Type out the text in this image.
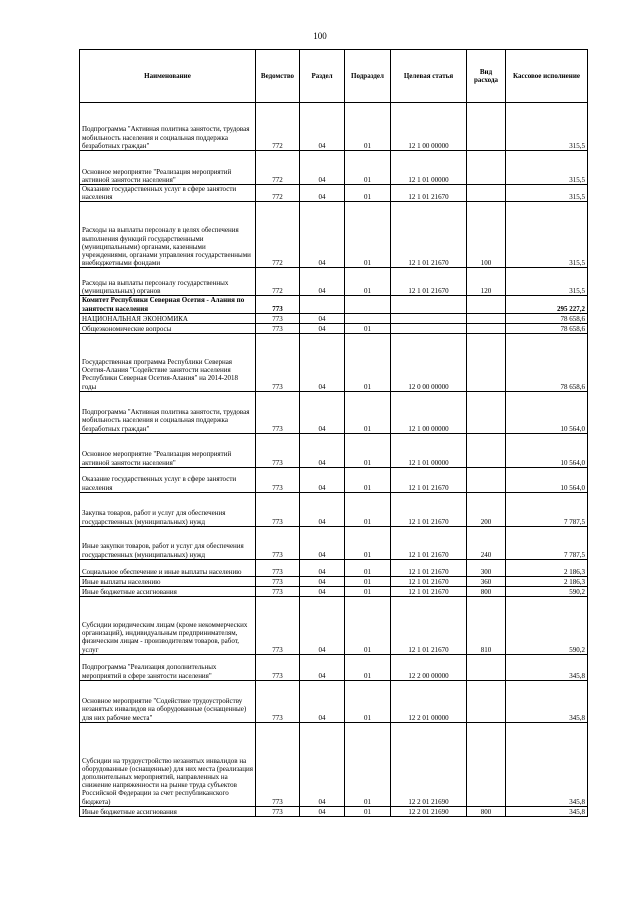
100
Наименование	Ведомство	Раздел	Подраздел	Целевая статья	Вид расхода	Кассовое исполнение
Подпрограмма "Активная политика занятости, трудовая мобильность населения и социальная поддержка безработных граждан"	772	04	01	12 1 00 00000		315,5
Основное мероприятие "Реализация мероприятий активной занятости населения"	772	04	01	12 1 01 00000		315,5
Оказание государственных услуг в сфере занятости населения	772	04	01	12 1 01 21670		315,5
Расходы на выплаты персоналу в целях обеспечения выполнения функций государственными (муниципальными) органами, казенными учреждениями, органами управления государственными внебюджетными фондами	772	04	01	12 1 01 21670	100	315,5
Расходы на выплаты персоналу государственных (муниципальных) органов	772	04	01	12 1 01 21670	120	315,5
Комитет Республики Северная Осетия - Алания по занятости населения	773					295 227,2
НАЦИОНАЛЬНАЯ ЭКОНОМИКА	773	04				78 658,6
Общеэкономические вопросы	773	04	01			78 658,6
Государственная программа Республики Северная Осетия-Алания "Содействие занятости населения Республики Северная Осетия-Алания" на 2014-2018 годы	773	04	01	12 0 00 00000		78 658,6
Подпрограмма "Активная политика занятости, трудовая мобильность населения и социальная поддержка безработных граждан"	773	04	01	12 1 00 00000		10 564,0
Основное мероприятие "Реализация мероприятий активной занятости населения"	773	04	01	12 1 01 00000		10 564,0
Оказание государственных услуг в сфере занятости населения	773	04	01	12 1 01 21670		10 564,0
Закупка товаров, работ и услуг для обеспечения государственных (муниципальных) нужд	773	04	01	12 1 01 21670	200	7 787,5
Иные закупки товаров, работ и услуг для обеспечения государственных (муниципальных) нужд	773	04	01	12 1 01 21670	240	7 787,5
Социальное обеспечение и иные выплаты населению	773	04	01	12 1 01 21670	300	2 186,3
Иные выплаты населению	773	04	01	12 1 01 21670	360	2 186,3
Иные бюджетные ассигнования	773	04	01	12 1 01 21670	800	590,2
Субсидии юридическим лицам (кроме некоммерческих организаций), индивидуальным предпринимателям, физическим лицам - производителям товаров, работ, услуг	773	04	01	12 1 01 21670	810	590,2
Подпрограмма "Реализация дополнительных мероприятий в сфере занятости населения"	773	04	01	12 2 00 00000		345,8
Основное мероприятие "Содействие трудоустройству незанятых инвалидов на оборудованные (оснащенные) для них рабочие места"	773	04	01	12 2 01 00000		345,8
Субсидии на трудоустройство незанятых инвалидов на оборудованные (оснащенные) для них места (реализация дополнительных мероприятий, направленных на снижение напряженности на рынке труда субъектов Российской Федерации за счет республиканского бюджета)	773	04	01	12 2 01 21690		345,8
Иные бюджетные ассигнования	773	04	01	12 2 01 21690	800	345,8
